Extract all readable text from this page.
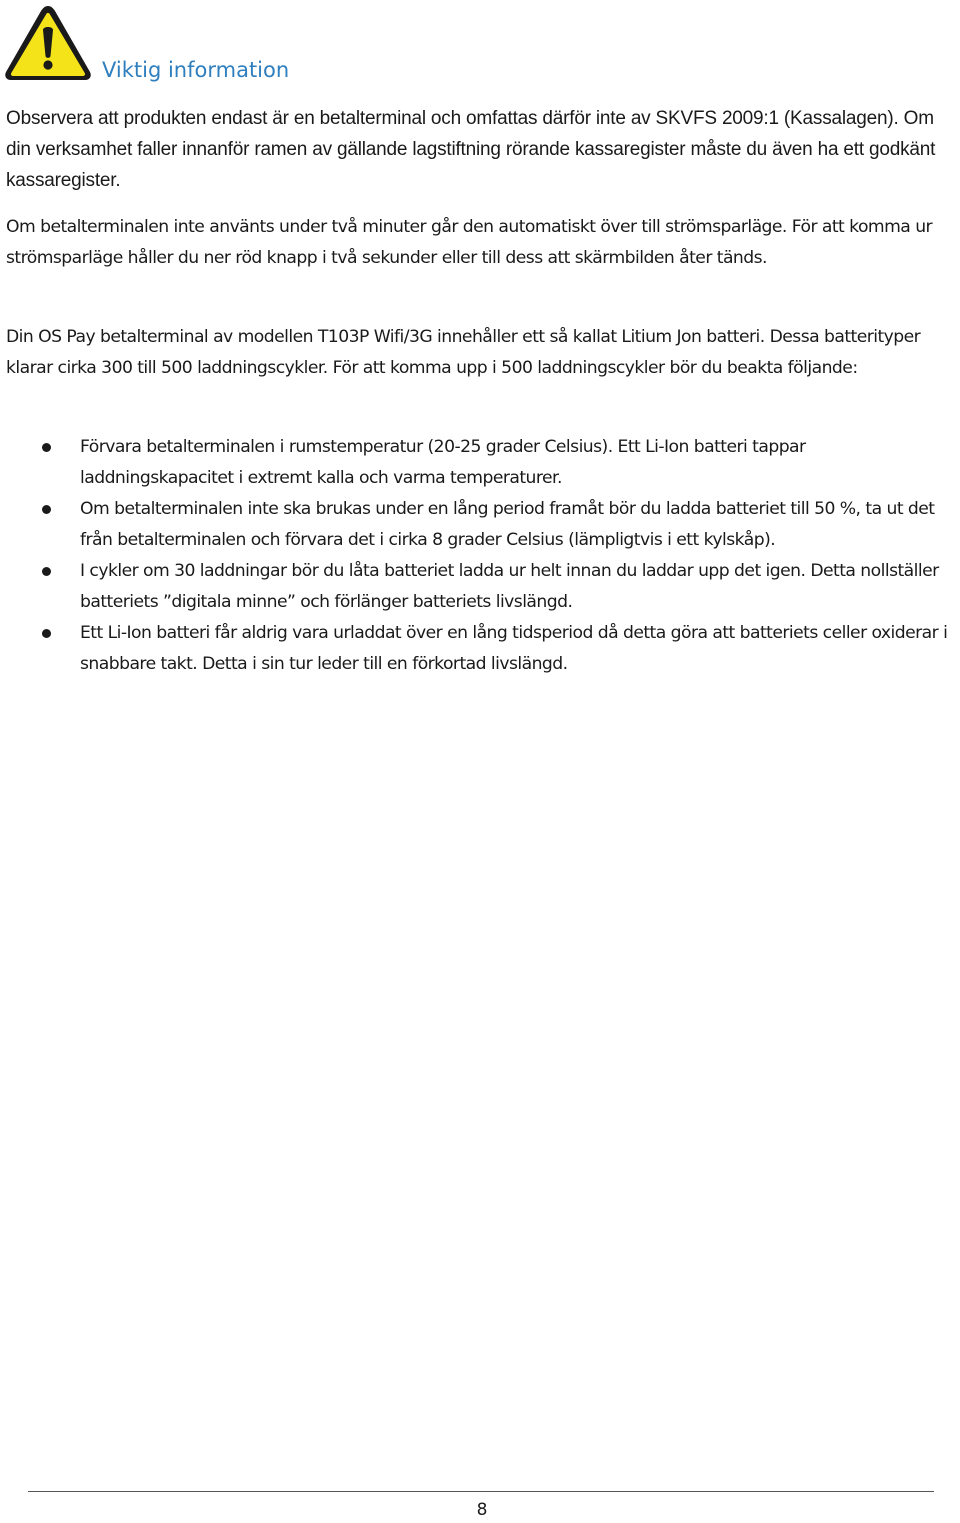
Viktig information

Observera att produkten endast är en betalterminal och omfattas därför inte av SKVFS 2009:1 (Kassalagen). Om din verksamhet faller innanför ramen av gällande lagstiftning rörande kassaregister måste du även ha ett godkänt kassaregister.

Om betalterminalen inte använts under två minuter går den automatiskt över till strömsparläge. För att komma ur strömsparläge håller du ner röd knapp i två sekunder eller till dess att skärmbilden åter tänds.

Din OS Pay betalterminal av modellen T103P Wifi/3G innehåller ett så kallat Litium Jon batteri. Dessa batterityper klarar cirka 300 till 500 laddningscykler. För att komma upp i 500 laddningscykler bör du beakta följande:

Förvara betalterminalen i rumstemperatur (20-25 grader Celsius). Ett Li-Ion batteri tappar laddningskapacitet i extremt kalla och varma temperaturer.
Om betalterminalen inte ska brukas under en lång period framåt bör du ladda batteriet till 50 %, ta ut det från betalterminalen och förvara det i cirka 8 grader Celsius (lämpligtvis i ett kylskåp).
I cykler om 30 laddningar bör du låta batteriet ladda ur helt innan du laddar upp det igen. Detta nollställer batteriets ”digitala minne” och förlänger batteriets livslängd.
Ett Li-Ion batteri får aldrig vara urladdat över en lång tidsperiod då detta göra att batteriets celler oxiderar i snabbare takt. Detta i sin tur leder till en förkortad livslängd.
8
